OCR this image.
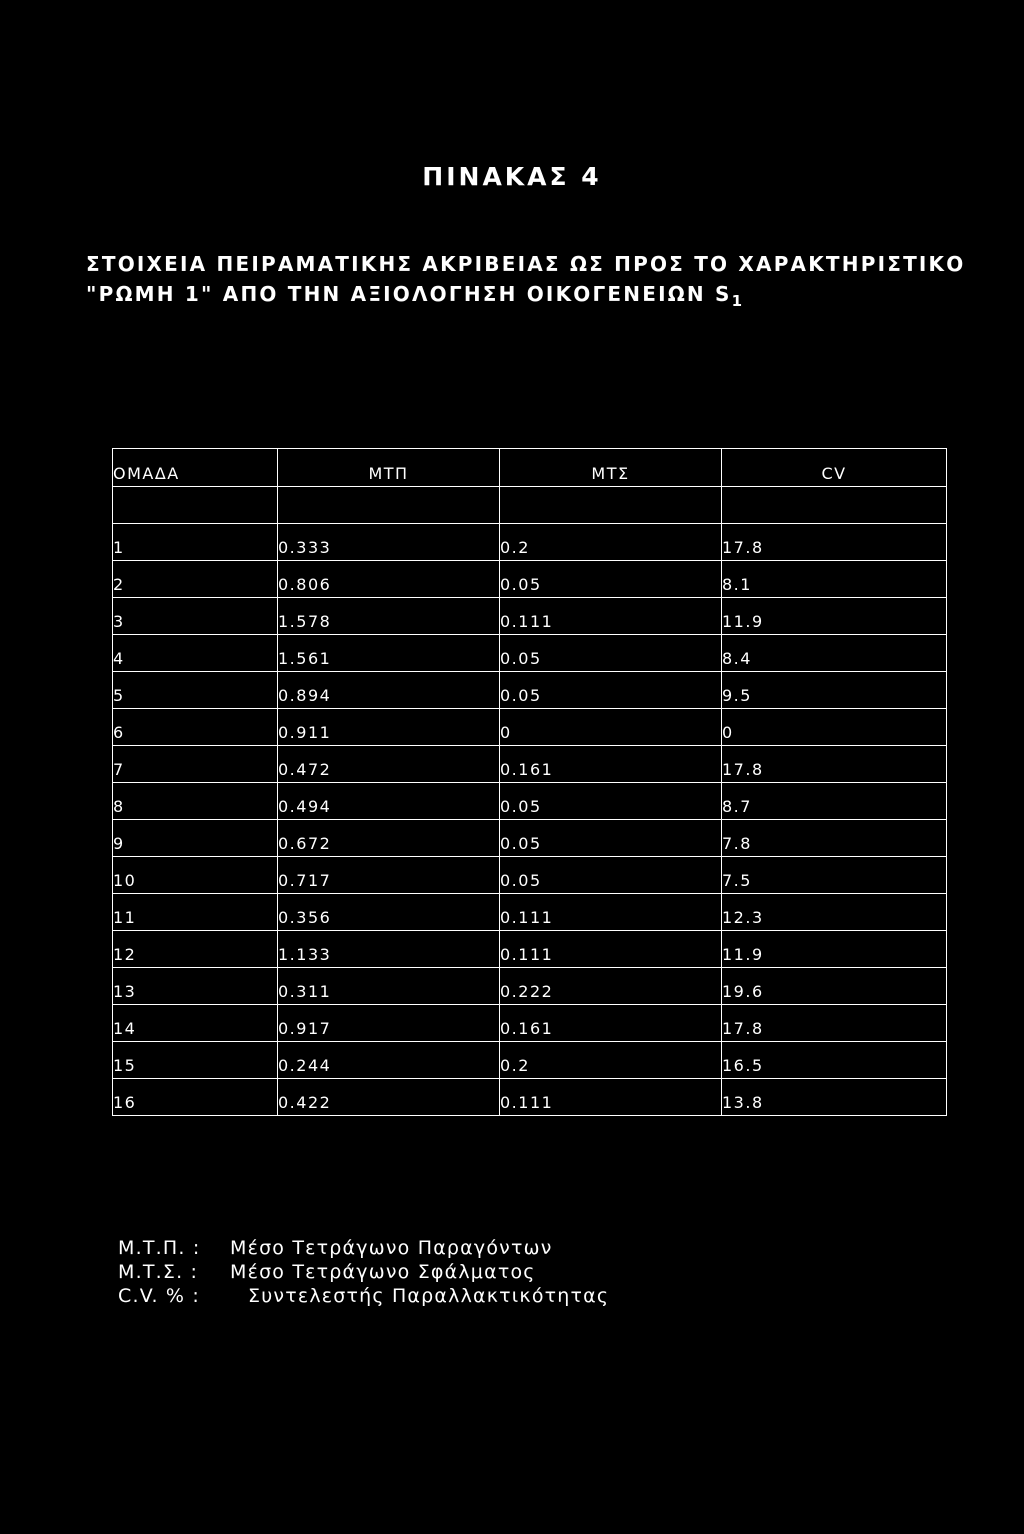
ΠΙΝΑΚΑΣ 4
ΣΤΟΙΧΕΙΑ ΠΕΙΡΑΜΑΤΙΚΗΣ ΑΚΡΙΒΕΙΑΣ ΩΣ ΠΡΟΣ ΤΟ ΧΑΡΑΚΤΗΡΙΣΤΙΚΟ
"ΡΩΜΗ 1" ΑΠΟ ΤΗΝ ΑΞΙΟΛΟΓΗΣΗ ΟΙΚΟΓΕΝΕΙΩΝ $S_1$
ΟΜΑΔΑ	ΜΤΠ	ΜΤΣ	CV

1	0.333	0.2	17.8
2	0.806	0.05	8.1
3	1.578	0.111	11.9
4	1.561	0.05	8.4
5	0.894	0.05	9.5
6	0.911	0	0
7	0.472	0.161	17.8
8	0.494	0.05	8.7
9	0.672	0.05	7.8
10	0.717	0.05	7.5
11	0.356	0.111	12.3
12	1.133	0.111	11.9
13	0.311	0.222	19.6
14	0.917	0.161	17.8
15	0.244	0.2	16.5
16	0.422	0.111	13.8
Μ.Τ.Π. : Μέσο Τετράγωνο Παραγόντων
Μ.Τ.Σ. : Μέσο Τετράγωνο Σφάλματος
C.V. % :	Συντελεστής Παραλλακτικότητας
